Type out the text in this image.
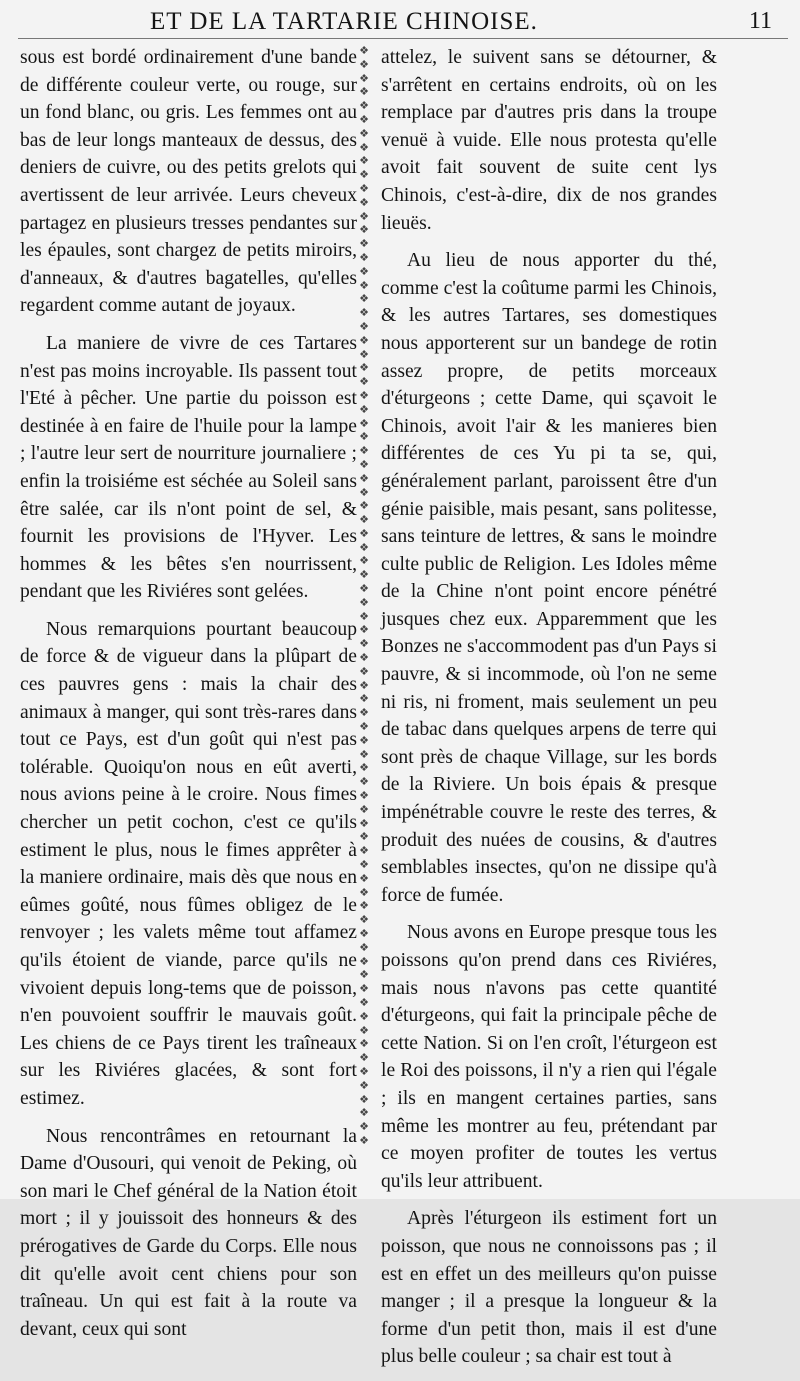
ET DE LA TARTARIE CHINOISE.	11

sous est bordé ordinairement d'une bande de différente couleur verte, ou rouge, sur un fond blanc, ou gris. Les femmes ont au bas de leur longs manteaux de dessus, des deniers de cuivre, ou des petits grelots qui avertissent de leur arrivée. Leurs cheveux partagez en plusieurs tresses pendantes sur les épaules, sont chargez de petits miroirs, d'anneaux, & d'autres bagatelles, qu'elles regardent comme autant de joyaux.

La maniere de vivre de ces Tartares n'est pas moins incroyable. Ils passent tout l'Eté à pêcher. Une partie du poisson est destinée à en faire de l'huile pour la lampe ; l'autre leur sert de nourriture journaliere ; enfin la troisiéme est séchée au Soleil sans être salée, car ils n'ont point de sel, & fournit les provisions de l'Hyver. Les hommes & les bêtes s'en nourrissent, pendant que les Riviéres sont gelées.

Nous remarquions pourtant beaucoup de force & de vigueur dans la plûpart de ces pauvres gens : mais la chair des animaux à manger, qui sont très-rares dans tout ce Pays, est d'un goût qui n'est pas tolérable. Quoiqu'on nous en eût averti, nous avions peine à le croire. Nous fimes chercher un petit cochon, c'est ce qu'ils estiment le plus, nous le fimes apprêter à la maniere ordinaire, mais dès que nous en eûmes goûté, nous fûmes obligez de le renvoyer ; les valets même tout affamez qu'ils étoient de viande, parce qu'ils ne vivoient depuis long-tems que de poisson, n'en pouvoient souffrir le mauvais goût. Les chiens de ce Pays tirent les traîneaux sur les Riviéres glacées, & sont fort estimez.

Nous rencontrâmes en retournant la Dame d'Ousouri, qui venoit de Peking, où son mari le Chef général de la Nation étoit mort ; il y jouissoit des honneurs & des prérogatives de Garde du Corps. Elle nous dit qu'elle avoit cent chiens pour son traîneau. Un qui est fait à la route va devant, ceux qui sont

❖
❖
❖
❖
❖
❖
❖
❖
❖
❖
❖
❖
❖
❖
❖
❖
❖
❖
❖
❖
❖
❖
❖
❖
❖
❖
❖
❖
❖
❖
❖
❖
❖
❖
❖
❖
❖
❖
❖
❖
❖
❖
❖
❖
❖
❖
❖
❖
❖
❖
❖
❖
❖
❖
❖
❖
❖
❖
❖
❖
❖
❖
❖
❖
❖
❖
❖
❖
❖
❖
❖
❖
❖
❖
❖
❖
❖
❖
❖
❖

attelez, le suivent sans se détourner, & s'arrêtent en certains endroits, où on les remplace par d'autres pris dans la troupe venuë à vuide. Elle nous protesta qu'elle avoit fait souvent de suite cent lys Chinois, c'est-à-dire, dix de nos grandes lieuës.

Au lieu de nous apporter du thé, comme c'est la coûtume parmi les Chinois, & les autres Tartares, ses domestiques nous apporterent sur un bandege de rotin assez propre, de petits morceaux d'éturgeons ; cette Dame, qui sçavoit le Chinois, avoit l'air & les manieres bien différentes de ces Yu pi ta se, qui, généralement parlant, paroissent être d'un génie paisible, mais pesant, sans politesse, sans teinture de lettres, & sans le moindre culte public de Religion. Les Idoles même de la Chine n'ont point encore pénétré jusques chez eux. Apparemment que les Bonzes ne s'accommodent pas d'un Pays si pauvre, & si incommode, où l'on ne seme ni ris, ni froment, mais seulement un peu de tabac dans quelques arpens de terre qui sont près de chaque Village, sur les bords de la Riviere. Un bois épais & presque impénétrable couvre le reste des terres, & produit des nuées de cousins, & d'autres semblables insectes, qu'on ne dissipe qu'à force de fumée.

Nous avons en Europe presque tous les poissons qu'on prend dans ces Riviéres, mais nous n'avons pas cette quantité d'éturgeons, qui fait la principale pêche de cette Nation. Si on l'en croît, l'éturgeon est le Roi des poissons, il n'y a rien qui l'égale ; ils en mangent certaines parties, sans même les montrer au feu, prétendant par ce moyen profiter de toutes les vertus qu'ils leur attribuent.

Après l'éturgeon ils estiment fort un poisson, que nous ne connoissons pas ; il est en effet un des meilleurs qu'on puisse manger ; il a presque la longueur & la forme d'un petit thon, mais il est d'une plus belle couleur ; sa chair est tout à
